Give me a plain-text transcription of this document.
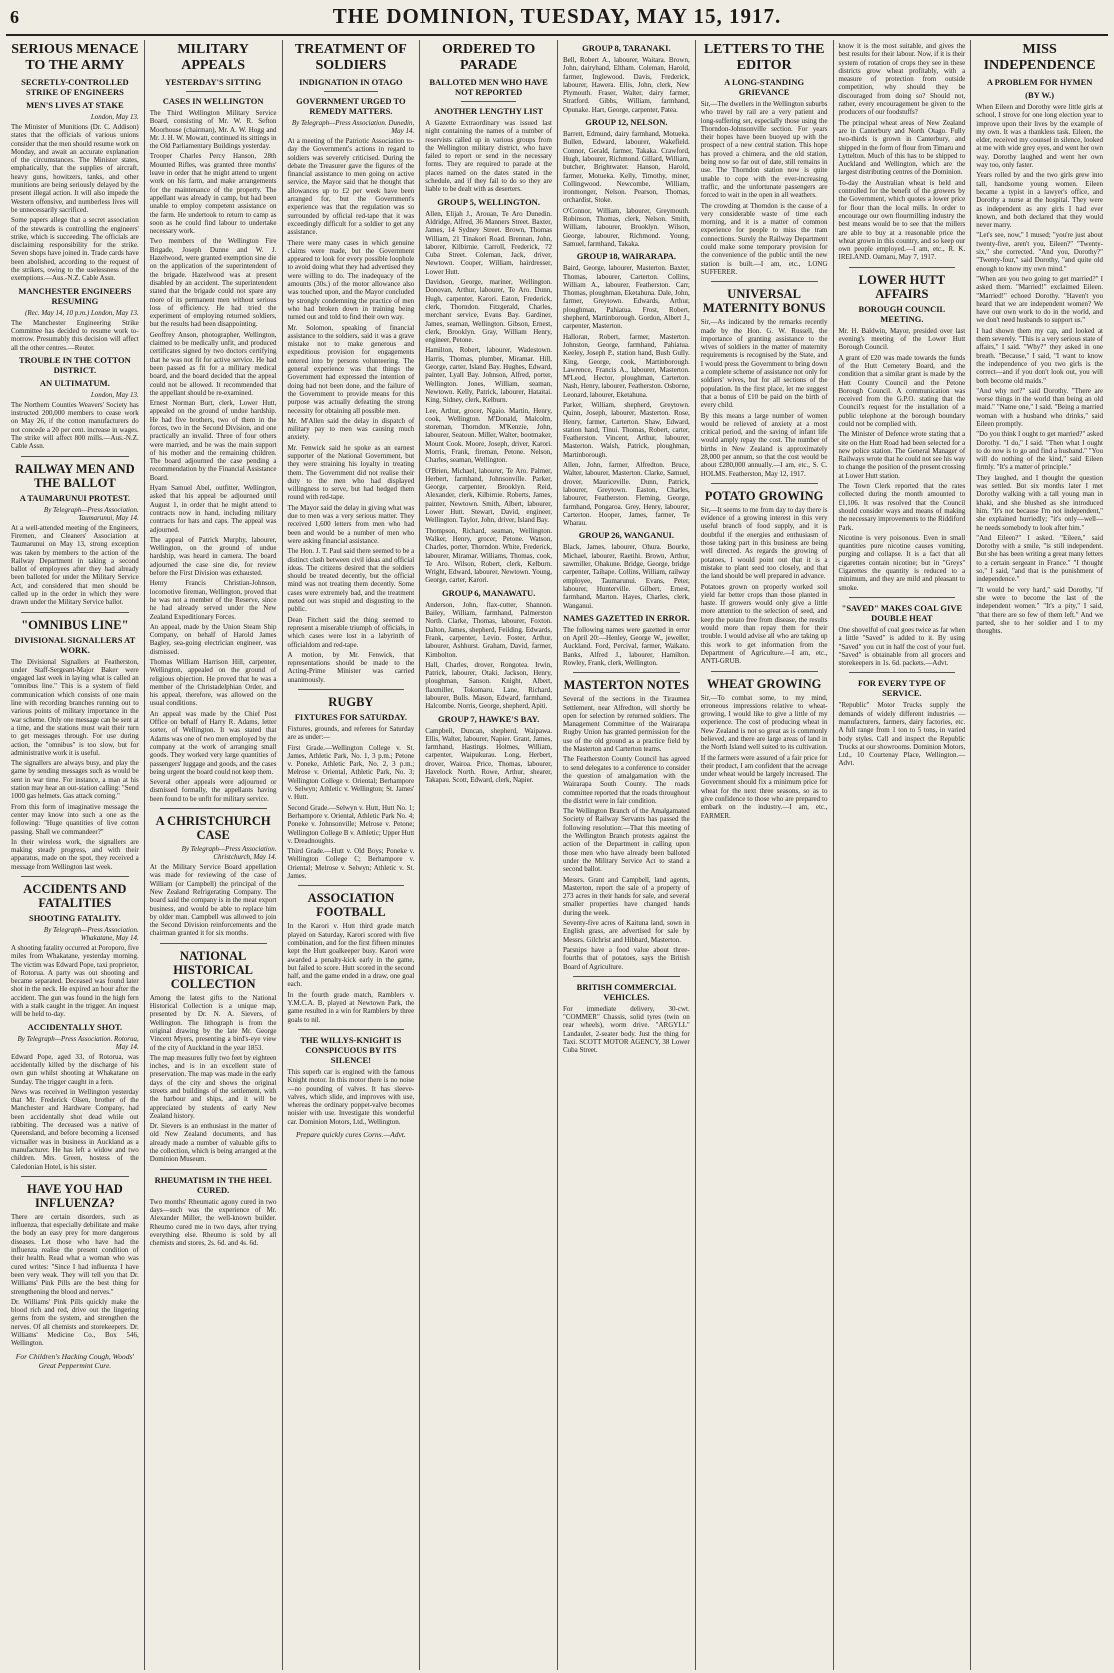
6	THE DOMINION, TUESDAY, MAY 15, 1917.
SERIOUS MENACE TO THE ARMY
SECRETLY-CONTROLLED STRIKE OF ENGINEERS
MEN'S LIVES AT STAKE
London, May 13.
The Minister of Munitions (Dr. C. Addison) states that the officials of various unions consider that the men should resume work on Monday, and await an accurate explanation of the circumstances. The Minister states, emphatically, that the supplies of aircraft, heavy guns, howitzers, tanks, and other munitions are being seriously delayed by the present illegal action. It will also impede the Western offensive, and numberless lives will be unnecessarily sacrificed.
Some papers allege that a secret association of the stewards is controlling the engineers' strike, which is succeeding. The officials are disclaiming responsibility for the strike. Seven shops have joined in. Trade cards have been abolished, according to the request of the strikers, owing to the uselessness of the exemptions.—Aus.-N.Z. Cable Assn.
MANCHESTER ENGINEERS RESUMING
(Rec. May 14, 10 p.m.) London, May 13.
The Manchester Engineering Strike Committee has decided to resume work to-morrow. Presumably this decision will affect all the other centres.—Reuter.
TROUBLE IN THE COTTON DISTRICT.
AN ULTIMATUM.
London, May 13.
The Northern Counties Weavers' Society has instructed 200,000 members to cease work on May 26, if the cotton manufacturers do not concede a 20 per cent. increase in wages. The strike will affect 800 mills.—Aus.-N.Z. Cable Assn.
RAILWAY MEN AND THE BALLOT
A TAUMARUNUI PROTEST.
By Telegraph—Press Association. Taumarunui, May 14.
At a well-attended meeting of the Engineers, Firemen, and Cleaners' Association at Taumarunui on May 13, strong exception was taken by members to the action of the Railway Department in taking a second ballot of employees after they had already been balloted for under the Military Service Act, and considered that men should be called up in the order in which they were drawn under the Military Service ballot.
"OMNIBUS LINE"
DIVISIONAL SIGNALLERS AT WORK.
The Divisional Signallers at Featherston, under Staff-Sergeant-Major Baker were engaged last week in laying what is called an "omnibus line." This is a system of field communication which consists of one main line with recording branches running out to various points of military importance in the war scheme. Only one message can be sent at a time, and the stations must wait their turn to get messages through. For use during action, the "omnibus" is too slow, but for administrative work it is useful.
The signallers are always busy, and play the game by sending messages such as would be sent in war time. For instance, a man at his station may hear an out-station calling: "Send 1000 gas helmets. Gas attack coming."
From this form of imaginative message the center may know into such a one as the following: "Huge quantities of live cotton passing. Shall we commandeer?"
In their wireless work, the signallers are making steady progress, and with their apparatus, made on the spot, they received a message from Wellington last week.
ACCIDENTS AND FATALITIES
SHOOTING FATALITY.
By Telegraph—Press Association. Whakatane, May 14.
A shooting fatality occurred at Poroporo, five miles from Whakatane, yesterday morning. The victim was Edward Pope, taxi proprietor, of Rotorua. A party was out shooting and became separated. Deceased was found later shot in the neck. He expired an hour after the accident. The gun was found in the high fern with a stalk caught in the trigger. An inquest will be held to-day.
ACCIDENTALLY SHOT.
By Telegraph—Press Association. Rotorua, May 14.
Edward Pope, aged 33, of Rotorua, was accidentally killed by the discharge of his own gun whilst shooting at Whakatane on Sunday. The trigger caught in a fern.
News was received in Wellington yesterday that Mr. Frederick Olsen, brother of the Manchester and Hardware Company, had been accidentally shot dead while out rabbiting. The deceased was a native of Queensland, and before becoming a licensed victualler was in business in Auckland as a manufacturer. He has left a widow and two children. Mrs. Green, hostess of the Caledonian Hotel, is his sister.
HAVE YOU HAD INFLUENZA?
There are certain disorders, such as influenza, that especially debilitate and make the body an easy prey for more dangerous diseases. Let those who have had the influenza realise the present condition of their health. Read what a woman who was cured writes: "Since I had influenza I have been very weak. They will tell you that Dr. Williams' Pink Pills are the best thing for strengthening the blood and nerves."
Dr. Williams' Pink Pills quickly make the blood rich and red, drive out the lingering germs from the system, and strengthen the nerves. Of all chemists and storekeepers. Dr. Williams' Medicine Co., Box 546, Wellington.
For Children's Hacking Cough, Woods' Great Peppermint Cure.
MILITARY APPEALS
YESTERDAY'S SITTING
CASES IN WELLINGTON
The Third Wellington Military Service Board, consisting of Mr. W. R. Sefton Moorhouse (chairman), Mr. A. W. Hogg and Mr. J. H. W. Mowatt, continued its sittings in the Old Parliamentary Buildings yesterday.
Trooper Charles Percy Hanson, 28th Mounted Rifles, was granted three months' leave in order that he might attend to urgent work on his farm, and make arrangements for the maintenance of the property. The appellant was already in camp, but had been unable to employ competent assistance on the farm. He undertook to return to camp as soon as he could find labour to undertake necessary work.
Two members of the Wellington Fire Brigade, Joseph Dunne and W. J. Hazelwood, were granted exemption sine die on the application of the superintendent of the brigade. Hazelwood was at present disabled by an accident. The superintendent stated that the brigade could not spare any more of its permanent men without serious loss of efficiency. He had tried the experiment of employing returned soldiers, but the results had been disappointing.
Geoffrey Anson, photographer, Wellington, claimed to be medically unfit, and produced certificates signed by two doctors certifying that he was not fit for active service. He had been passed as fit for a military medical board, and the board decided that the appeal could not be allowed. It recommended that the appellant should be re-examined.
Ernest Norman Burt, clerk, Lower Hutt, appealed on the ground of undue hardship. He had five brothers, two of them in the forces, two in the Second Division, and one practically an invalid. Three of four others were married, and he was the main support of his mother and the remaining children. The board adjourned the case pending a recommendation by the Financial Assistance Board.
Hyam Samuel Abel, outfitter, Wellington, asked that his appeal be adjourned until August 1, in order that he might attend to contracts now in hand, including military contracts for hats and caps. The appeal was adjourned.
The appeal of Patrick Murphy, labourer, Wellington, on the ground of undue hardship, was heard in camera. The board adjourned the case sine die, for review before the First Division was exhausted.
Henry Francis Christian-Johnson, locomotive fireman, Wellington, proved that he was not a member of the Reserve, since he had already served under the New Zealand Expeditionary Forces.
An appeal, made by the Union Steam Ship Company, on behalf of Harold James Bagley, sea-going electrician engineer, was dismissed.
Thomas William Harrison Hill, carpenter, Wellington, appealed on the ground of religious objection. He proved that he was a member of the Christadelphian Order, and his appeal, therefore, was allowed on the usual conditions.
An appeal was made by the Chief Post Office on behalf of Harry R. Adams, letter sorter, of Wellington. It was stated that Adams was one of two men employed by the company at the work of arranging small goods. They worked very large quantities of passengers' luggage and goods, and the cases being urgent the board could not keep them.
Several other appeals were adjourned or dismissed formally, the appellants having been found to be unfit for military service.
A CHRISTCHURCH CASE
By Telegraph—Press Association. Christchurch, May 14.
At the Military Service Board appellation was made for reviewing of the case of William (or Campbell) the principal of the New Zealand Refrigerating Company. The board said the company is in the meat export business, and would be able to replace him by older man. Campbell was allowed to join the Second Division reinforcements and the chairman granted it for six months.
NATIONAL HISTORICAL COLLECTION
Among the latest gifts to the National Historical Collection is a unique map, presented by Dr. N. A. Sievers, of Wellington. The lithograph is from the original drawing by the late Mr. George Vincent Myers, presenting a bird's-eye view of the city of Auckland in the year 1853.
The map measures fully two feet by eighteen inches, and is in an excellent state of preservation. The map was made in the early days of the city and shows the original streets and buildings of the settlement, with the harbour and ships, and it will be appreciated by students of early New Zealand history.
Dr. Sievers is an enthusiast in the matter of old New Zealand documents, and has already made a number of valuable gifts to the collection, which is being arranged at the Dominion Museum.
RHEUMATISM IN THE HEEL CURED.
Two months' Rheumatic agony cured in two days—such was the experience of Mr. Alexander Miller, the well-known builder. Rheumo cured me in two days, after trying everything else. Rheumo is sold by all chemists and stores, 2s. 6d. and 4s. 6d.
TREATMENT OF SOLDIERS
INDIGNATION IN OTAGO
GOVERNMENT URGED TO REMEDY MATTERS.
By Telegraph—Press Association. Dunedin, May 14.
At a meeting of the Patriotic Association to-day the Government's actions in regard to soldiers was severely criticised. During the debate the Treasurer gave the figures of the financial assistance to men going on active service, the Mayor said that he thought that allowances up to £2 per week have been arranged for, but the Government's experience was that the regulation was so surrounded by official red-tape that it was exceedingly difficult for a soldier to get any assistance.
There were many cases in which genuine claims were made, but the Government appeared to look for every possible loophole to avoid doing what they had advertised they were willing to do. The inadequacy of the amounts (30s.) of the motor allowance also was touched upon, and the Mayor concluded by strongly condemning the practice of men who had broken down in training being turned out and told to find their own way.
Mr. Solomon, speaking of financial assistance to the soldiers, said it was a grave mistake not to make generous and expeditious provision for engagements entered into by persons volunteering. The general experience was that things the Government had expressed the intention of doing had not been done, and the failure of the Government to provide means for this purpose was actually defeating the strong necessity for obtaining all possible men.
Mr. M'Allen said the delay in dispatch of military pay to men was causing much anxiety.
Mr. Fenwick said he spoke as an earnest supporter of the National Government, but they were straining his loyalty in treating them. The Government did not realise their duty to the men who had displayed willingness to serve, but had hedged them round with red-tape.
The Mayor said the delay in giving what was due to men was a very serious matter. They received 1,600 letters from men who had been and would be a number of men who were asking financial assistance.
The Hon. J. T. Paul said there seemed to be a distinct clash between civil ideas and official ideas. The citizens desired that the soldiers should be treated decently, but the official mind was not treating them decently. Some cases were extremely bad, and the treatment meted out was stupid and disgusting to the public.
Dean Fitchett said the thing seemed to represent a miserable triumph of officials, in which cases were lost in a labyrinth of officialdom and red-tape.
A motion, by Mr. Fenwick, that representations should be made to the Acting-Prime Minister was carried unanimously.
RUGBY
FIXTURES FOR SATURDAY.
Fixtures, grounds, and referees for Saturday are as under:—
First Grade.—Wellington College v. St. James, Athletic Park, No. 1, 3 p.m.; Petone v. Poneke, Athletic Park, No. 2, 3 p.m.; Melrose v. Oriental, Athletic Park, No. 3; Wellington College v. Oriental; Berhampore v. Selwyn; Athletic v. Wellington; St. James' v. Hutt.
Second Grade.—Selwyn v. Hutt, Hutt No. 1; Berhampore v. Oriental, Athletic Park No. 4; Poneke v. Johnsonville; Melrose v. Petone; Wellington College B v. Athletic; Upper Hutt v. Dreadnoughts.
Third Grade.—Hutt v. Old Boys; Poneke v. Wellington College C; Berhampore v. Oriental; Melrose v. Selwyn; Athletic v. St. James.
ASSOCIATION FOOTBALL
In the Karori v. Hutt third grade match played on Saturday, Karori scored with five combination, and for the first fifteen minutes kept the Hutt goalkeeper busy. Karori were awarded a penalty-kick early in the game, but failed to score. Hutt scored in the second half, and the game ended in a draw, one goal each.
In the fourth grade match, Ramblers v. Y.M.C.A. B, played at Newtown Park, the game resulted in a win for Ramblers by three goals to nil.
THE WILLYS-KNIGHT IS CONSPICUOUS BY ITS SILENCE!
This superb car is engined with the famous Knight motor. In this motor there is no noise—no pounding of valves. It has sleeve-valves, which slide, and improves with use, whereas the ordinary poppet-valve becomes noisier with use. Investigate this wonderful car. Dominion Motors, Ltd., Wellington.
Prepare quickly cures Corns.—Advt.
ORDERED TO PARADE
BALLOTED MEN WHO HAVE NOT REPORTED
ANOTHER LENGTHY LIST
A Gazette Extraordinary was issued last night containing the names of a number of reservists called up in various groups from the Wellington military district, who have failed to report or send in the necessary forms. They are required to parade at the places named on the dates stated in the schedule, and if they fail to do so they are liable to be dealt with as deserters.
GROUP 5, WELLINGTON.
Allen, Elijah J., Arouan, Te Aro Dunedin. Aldridge, Alfred, 36 Manners Street. Baxter, James, 14 Sydney Street. Brown, Thomas William, 21 Tinakori Road. Brennan, John, laborer, Kilbirnie. Carroll, Frederick, 72 Cuba Street. Coleman, Jack, driver, Newtown. Cooper, William, hairdresser, Lower Hutt.
Davidson, George, mariner, Wellington. Donovan, Arthur, labourer, Te Aro. Dunn, Hugh, carpenter, Karori. Eaton, Frederick, clerk, Thorndon. Fitzgerald, Charles, merchant service, Evans Bay. Gardiner, James, seaman, Wellington. Gibson, Ernest, clerk, Brooklyn. Gray, William Henry, engineer, Petone.
Hamilton, Robert, labourer, Wadestown. Harris, Thomas, plumber, Miramar. Hill, George, carter, Island Bay. Hughes, Edward, painter, Lyall Bay. Johnson, Alfred, porter, Wellington. Jones, William, seaman, Newtown. Kelly, Patrick, labourer, Hataitai. King, Sidney, clerk, Kelburn.
Lee, Arthur, grocer, Ngaio. Martin, Henry, cook, Wellington. M'Donald, Malcolm, storeman, Thorndon. M'Kenzie, John, labourer, Seatoun. Miller, Walter, bootmaker, Mount Cook. Moore, Joseph, driver, Karori. Morris, Frank, fireman, Petone. Nelson, Charles, seaman, Wellington.
O'Brien, Michael, labourer, Te Aro. Palmer, Herbert, farmhand, Johnsonville. Parker, George, carpenter, Brooklyn. Reid, Alexander, clerk, Kilbirnie. Roberts, James, painter, Newtown. Smith, Albert, labourer, Lower Hutt. Stewart, David, engineer, Wellington. Taylor, John, driver, Island Bay.
Thompson, Richard, seaman, Wellington. Walker, Henry, grocer, Petone. Watson, Charles, porter, Thorndon. White, Frederick, labourer, Miramar. Williams, Thomas, cook, Te Aro. Wilson, Robert, clerk, Kelburn. Wright, Edward, labourer, Newtown. Young, George, carter, Karori.
GROUP 6, MANAWATU.
Anderson, John, flax-cutter, Shannon. Bailey, William, farmhand, Palmerston North. Clarke, Thomas, labourer, Foxton. Dalton, James, shepherd, Feilding. Edwards, Frank, carpenter, Levin. Foster, Arthur, labourer, Ashhurst. Graham, David, farmer, Kimbolton.
Hall, Charles, drover, Rongotea. Irwin, Patrick, labourer, Otaki. Jackson, Henry, ploughman, Sanson. Knight, Albert, flaxmiller, Tokomaru. Lane, Richard, labourer, Bulls. Mason, Edward, farmhand, Halcombe. Norris, George, shepherd, Apiti.
GROUP 7, HAWKE'S BAY.
Campbell, Duncan, shepherd, Waipawa. Ellis, Walter, labourer, Napier. Grant, James, farmhand, Hastings. Holmes, William, carpenter, Waipukurau. Long, Herbert, drover, Wairoa. Price, Thomas, labourer, Havelock North. Rowe, Arthur, shearer, Takapau. Scott, Edward, clerk, Napier.
GROUP 8, TARANAKI.
Bell, Robert A., labourer, Waitara. Brown, John, dairyhand, Eltham. Coleman, Harold, farmer, Inglewood. Davis, Frederick, labourer, Hawera. Ellis, John, clerk, New Plymouth. Fraser, Walter, dairy farmer, Stratford. Gibbs, William, farmhand, Opunake. Hart, George, carpenter, Patea.
GROUP 12, NELSON.
Barrett, Edmund, dairy farmhand, Motueka. Bullen, Edward, labourer, Wakefield. Connor, Gerald, farmer, Takaka. Crawford, Hugh, labourer, Richmond. Gillard, William, butcher, Brightwater. Hanson, Harold, farmer, Motueka. Kelly, Timothy, miner, Collingwood. Newcombe, William, ironmonger, Nelson. Pearson, Thomas, orchardist, Stoke.
O'Connor, William, labourer, Greymouth. Robinson, Thomas, clerk, Nelson. Smith, William, labourer, Brooklyn. Wilson, George, labourer, Richmond. Young, Samuel, farmhand, Takaka.
GROUP 18, WAIRARAPA.
Baird, George, labourer, Masterton. Baxter, Thomas, labourer, Carterton. Collins, William A., labourer, Featherston. Carr, Thomas, ploughman, Eketahuna. Dale, John, farmer, Greytown. Edwards, Arthur, ploughman, Pahiatua. Frost, Robert, shepherd, Martinborough. Gordon, Albert J., carpenter, Masterton.
Halloran, Robert, farmer, Masterton. Johnston, George, farmhand, Pahiatua. Keeley, Joseph P., station hand, Bush Gully. King, George, cook, Martinborough. Lawrence, Francis A., labourer, Masterton. M'Leod, Hector, ploughman, Carterton. Nash, Henry, labourer, Featherston. Osborne, Leonard, labourer, Eketahuna.
Parker, William, shepherd, Greytown. Quinn, Joseph, labourer, Masterton. Rose, Henry, farmer, Carterton. Shaw, Edward, station hand, Tinui. Thomas, Robert, carter, Featherston. Vincent, Arthur, labourer, Masterton. Walsh, Patrick, ploughman, Martinborough.
Allen, John, farmer, Alfredton. Bruce, Walter, labourer, Masterton. Clarke, Samuel, drover, Mauriceville. Dunn, Patrick, labourer, Greytown. Easton, Charles, labourer, Featherston. Fleming, George, farmhand, Pongaroa. Grey, Henry, labourer, Carterton. Hooper, James, farmer, Te Wharau.
GROUP 26, WANGANUI.
Black, James, labourer, Ohura. Bourke, Michael, labourer, Raetihi. Brown, Arthur, sawmiller, Ohakune. Bridge, George, bridge carpenter, Taihape. Collins, William, railway employee, Taumarunui. Evans, Peter, labourer, Hunterville. Gilbert, Ernest, farmhand, Marton. Hayes, Charles, clerk, Wanganui.
NAMES GAZETTED IN ERROR.
The following names were gazetted in error on April 20:—Henley, George W., jeweller, Auckland. Ford, Percival, farmer, Waikato. Banks, Alfred J., labourer, Hamilton. Rowley, Frank, clerk, Wellington.
MASTERTON NOTES
Several of the sections in the Tiraumea Settlement, near Alfredton, will shortly be open for selection by returned soldiers. The Management Committee of the Wairarapa Rugby Union has granted permission for the use of the old ground as a practice field by the Masterton and Carterton teams.
The Featherston County Council has agreed to send delegates to a conference to consider the question of amalgamation with the Wairarapa South County. The roads committee reported that the roads throughout the district were in fair condition.
The Wellington Branch of the Amalgamated Society of Railway Servants has passed the following resolution:—That this meeting of the Wellington Branch protests against the action of the Department in calling upon those men who have already been balloted under the Military Service Act to stand a second ballot.
Messrs. Grant and Campbell, land agents, Masterton, report the sale of a property of 273 acres in their hands for sale, and several smaller properties have changed hands during the week.
Seventy-five acres of Kaituna land, sown in English grass, are advertised for sale by Messrs. Gilchrist and Hibbard, Masterton.
Parsnips have a food value about three-fourths that of potatoes, says the British Board of Agriculture.
BRITISH COMMERCIAL VEHICLES.
For immediate delivery, 30-cwt. "COMMER" Chassis, solid tyres (twin on rear wheels), worm drive. "ARGYLL" Landaulet, 2-seater body. Just the thing for Taxi. SCOTT MOTOR AGENCY, 38 Lower Cuba Street.
LETTERS TO THE EDITOR
A LONG-STANDING GRIEVANCE
Sir,—The dwellers in the Wellington suburbs who travel by rail are a very patient and long-suffering set, especially those using the Thorndon-Johnsonville section. For years their hopes have been buoyed up with the prospect of a new central station. This hope has proved a chimera, and the old station, being now so far out of date, still remains in use. The Thorndon station now is quite unable to cope with the ever-increasing traffic, and the unfortunate passengers are forced to wait in the open in all weathers.
The crowding at Thorndon is the cause of a very considerable waste of time each morning, and it is a matter of common experience for people to miss the tram connections. Surely the Railway Department could make some temporary provision for the convenience of the public until the new station is built.—I am, etc., LONG SUFFERER.
UNIVERSAL MATERNITY BONUS
Sir,—As indicated by the remarks recently made by the Hon. G. W. Russell, the importance of granting assistance to the wives of soldiers in the matter of maternity requirements is recognised by the State, and I would press the Government to bring down a complete scheme of assistance not only for soldiers' wives, but for all sections of the population. In the first place, let me suggest that a bonus of £10 be paid on the birth of every child.
By this means a large number of women would be relieved of anxiety at a most critical period, and the saving of infant life would amply repay the cost. The number of births in New Zealand is approximately 28,000 per annum, so that the cost would be about £280,000 annually.—I am, etc., S. C. HOLMS. Featherston, May 12, 1917.
POTATO GROWING
Sir,—It seems to me from day to day there is evidence of a growing interest in this very useful branch of food supply, and it is doubtful if the energies and enthusiasm of those taking part in this business are being well directed. As regards the growing of potatoes, I would point out that it is a mistake to plant seed too closely, and that the land should be well prepared in advance.
Potatoes grown on properly worked soil yield far better crops than those planted in haste. If growers would only give a little more attention to the selection of seed, and keep the potato free from disease, the results would more than repay them for their trouble. I would advise all who are taking up this work to get information from the Department of Agriculture.—I am, etc., ANTI-GRUB.
WHEAT GROWING
Sir,—To combat some, to my mind, erroneous impressions relative to wheat-growing, I would like to give a little of my experience. The cost of producing wheat in New Zealand is not so great as is commonly believed, and there are large areas of land in the North Island well suited to its cultivation.
If the farmers were assured of a fair price for their product, I am confident that the acreage under wheat would be largely increased. The Government should fix a minimum price for wheat for the next three seasons, so as to give confidence to those who are prepared to embark on the industry.—I am, etc., FARMER.
know it is the most suitable, and gives the best results for their labour. Now, if it is their system of rotation of crops they see in these districts grow wheat profitably, with a measure of protection from outside competition, why should they be discouraged from doing so? Should not, rather, every encouragement be given to the producers of our foodstuffs?
The principal wheat areas of New Zealand are in Canterbury and North Otago. Fully two-thirds is grown in Canterbury, and shipped in the form of flour from Timaru and Lyttelton. Much of this has to be shipped to Auckland and Wellington, which are the largest distributing centres of the Dominion.
To-day the Australian wheat is held and controlled for the benefit of the growers by the Government, which quotes a lower price for flour than the local mills. In order to encourage our own flourmilling industry the best means would be to see that the millers are able to buy at a reasonable price the wheat grown in this country, and so keep our own people employed.—I am, etc., R. K. IRELAND. Oamaru, May 7, 1917.
LOWER HUTT AFFAIRS
BOROUGH COUNCIL MEETING.
Mr. H. Baldwin, Mayor, presided over last evening's meeting of the Lower Hutt Borough Council.
A grant of £20 was made towards the funds of the Hutt Cemetery Board, and the condition that a similar grant is made by the Hutt County Council and the Petone Borough Council. A communication was received from the G.P.O. stating that the Council's request for the installation of a public telephone at the borough boundary could not be complied with.
The Minister of Defence wrote stating that a site on the Hutt Road had been selected for a new police station. The General Manager of Railways wrote that he could not see his way to change the position of the present crossing at Lower Hutt station.
The Town Clerk reported that the rates collected during the month amounted to £1,106. It was resolved that the Council should consider ways and means of making the necessary improvements to the Riddiford Park.
Nicotine is very poisonous. Even in small quantities pure nicotine causes vomiting, purging and collapse. It is a fact that all cigarettes contain nicotine; but in "Greys" Cigarettes the quantity is reduced to a minimum, and they are mild and pleasant to smoke.
"SAVED" MAKES COAL GIVE DOUBLE HEAT
One shovelful of coal goes twice as far when a little "Saved" is added to it. By using "Saved" you cut in half the cost of your fuel. "Saved" is obtainable from all grocers and storekeepers in 1s. 6d. packets.—Advt.
FOR EVERY TYPE OF SERVICE.
"Republic" Motor Trucks supply the demands of widely different industries — manufacturers, farmers, dairy factories, etc. A full range from 1 ton to 5 tons, in varied body styles. Call and inspect the Republic Trucks at our showrooms. Dominion Motors, Ltd., 10 Courtenay Place, Wellington.—Advt.
MISS INDEPENDENCE
A PROBLEM FOR HYMEN
(BY W.)
When Eileen and Dorothy were little girls at school, I strove for one long election year to improve upon their lives by the example of my own. It was a thankless task. Eileen, the elder, received my counsel in silence, looked at me with wide grey eyes, and went her own way. Dorothy laughed and went her own way too, only faster.
Years rolled by and the two girls grew into tall, handsome young women. Eileen became a typist in a lawyer's office, and Dorothy a nurse at the hospital. They were as independent as any girls I had ever known, and both declared that they would never marry.
"Let's see, now," I mused; "you're just about twenty-five, aren't you, Eileen?" "Twenty-six," she corrected. "And you, Dorothy?" "Twenty-four," said Dorothy, "and quite old enough to know my own mind."
"When are you two going to get married?" I asked them. "Married!" exclaimed Eileen. "Married!" echoed Dorothy. "Haven't you heard that we are independent women? We have our own work to do in the world, and we don't need husbands to support us."
I had shown them my cap, and looked at them severely. "This is a very serious state of affairs," I said. "Why?" they asked in one breath. "Because," I said, "I want to know the independence of you two girls is the correct—and if you don't look out, you will both become old maids."
"And why not?" said Dorothy. "There are worse things in the world than being an old maid." "Name one," I said. "Being a married woman with a husband who drinks," said Eileen promptly.
"Do you think I ought to get married?" asked Dorothy. "I do," I said. "Then what I ought to do now is to go and find a husband." "You will do nothing of the kind," said Eileen firmly. "It's a matter of principle."
They laughed, and I thought the question was settled. But six months later I met Dorothy walking with a tall young man in khaki, and she blushed as she introduced him. "It's not because I'm not independent," she explained hurriedly; "it's only—well—he needs somebody to look after him."
"And Eileen?" I asked. "Eileen," said Dorothy with a smile, "is still independent. But she has been writing a great many letters to a certain sergeant in France." "I thought so," I said, "and that is the punishment of independence."
"It would be very hard," said Dorothy, "if she were to become the last of the independent women." "It's a pity," I said, "that there are so few of them left." And we parted, she to her soldier and I to my thoughts.
